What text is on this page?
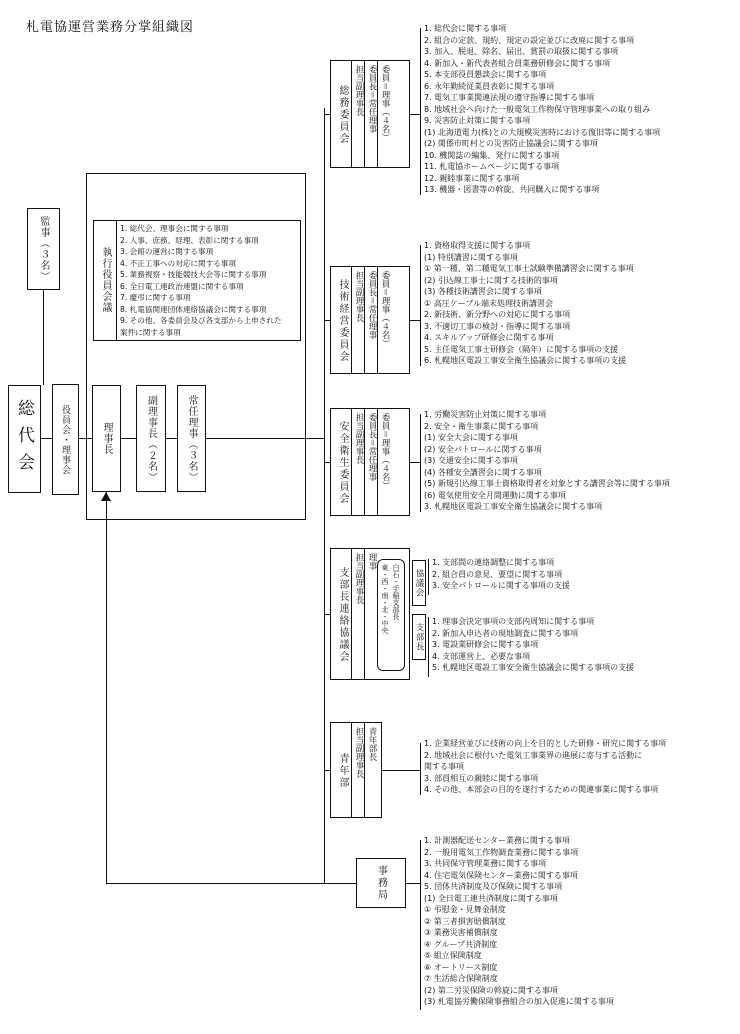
札電協運営業務分掌組織図
総代会
監事（３名）
役員会・理事会	理事長	副理事長（２名）	常任理事（３名）
執行役員会議
1. 総代会、理事会に関する事項
2. 人事、庶務、経理、表彰に関する事項
3. 会館の運営に関する事項
4. 不正工事への対応に関する事項
5. 業務視察・技能競技大会等に関する事項
6. 全日電工連政治連盟に関する事項
7. 慶弔に関する事項
8. 札電協関連団体連絡協議会に関する事項
9. その他、各委員会及び各支部から上申された
案件に関する事項
総務委員会 担当副理事長 委員長＝常任理事 委員＝理事（４名）
1. 総代会に関する事項
2. 組合の定款、規約、規定の設定並びに改廃に関する事項
3. 加入、脱退、除名、届出、賞罰の取扱に関する事項
4. 新加入・新代表者組合員業務研修会に関する事項
5. 本支部役員懇談会に関する事項
6. 永年勤続従業員表彰に関する事項
7. 電気工事業関連法規の遵守指導に関する事項
8. 地域社会へ向けた一般電気工作物保守管理事業への取り組み
9. 災害防止対策に関する事項
(1) 北海道電力(株)との大規模災害時における復旧等に関する事項
(2) 関係市町村との災害防止協議会に関する事項
10. 機関誌の編集、発行に関する事項
11. 札電協ホームページに関する事項
12. 親睦事業に関する事項
13. 機器・図書等の斡旋、共同購入に関する事項
技術経営委員会 担当副理事長 委員長＝常任理事 委員＝理事（４名）
1. 資格取得支援に関する事項
(1) 特別講習に関する事項
① 第一種、第二種電気工事士試験準備講習会に関する事項
(2) 引込線工事士に関する技術的事項
(3) 各種技術講習会に関する事項
① 高圧ケーブル端末処理技術講習会
2. 新技術、新分野への対応に関する事項
3. 不適切工事の検討・指導に関する事項
4. スキルアップ研修会に関する事項
5. 主任電気工事士研修会（隔年）に関する事項の支援
6. 札幌地区電設工事安全衛生協議会に関する事項の支援
安全衛生委員会 担当副理事長 委員長＝常任理事 委員＝理事（４名）	1. 労働災害防止対策に関する事項
2. 安全・衛生事業に関する事項
(1) 安全大会に関する事項
(2) 安全パトロールに関する事項
(3) 交通安全に関する事項
(4) 各種安全講習会に関する事項
(5) 新規引込線工事士資格取得者を対象とする講習会等に関する事項
(6) 電気使用安全月間運動に関する事項
3. 札幌地区電設工事安全衛生協議会に関する事項
支部長連絡協議会 担当副理事長 理事
東・西・南・北・中央 白石・手稲支部長 協議会
支部長
1. 支部間の連絡調整に関する事項
2. 組合員の意見、要望に関する事項
3. 安全パトロールに関する事項の支援
1. 理事会決定事項の支部内周知に関する事項
2. 新加入申込者の現地調査に関する事項
3. 電設業研修会に関する事項
4. 支部運営上、必要な事項
5. 札幌地区電設工事安全衛生協議会に関する事項の支援
青年部 担当副理事長 青年部長	1. 企業経営並びに技術の向上を目的とした研修・研究に関する事項
2. 地域社会に根付いた電気工事業界の進展に寄与する活動に
関する事項
3. 部員相互の親睦に関する事項
4. その他、本部会の目的を遂行するための関連事業に関する事項
事務局
1. 計測器配送センター業務に関する事項
2. 一般用電気工作物調査業務に関する事項
3. 共同保守管理業務に関する事項
4. 住宅電気保険センター業務に関する事項
5. 団体共済制度及び保険に関する事項
(1) 全日電工連共済制度に関する事項
① 弔慰金・見舞金制度
② 第三者損害賠償制度
③ 業務災害補償制度
④ グループ共済制度
⑤ 組立保険制度
⑥ オートリース制度
⑦ 生活総合保険制度
(2) 第二労災保険の斡旋に関する事項
(3) 札電協労働保険事務組合の加入促進に関する事項
